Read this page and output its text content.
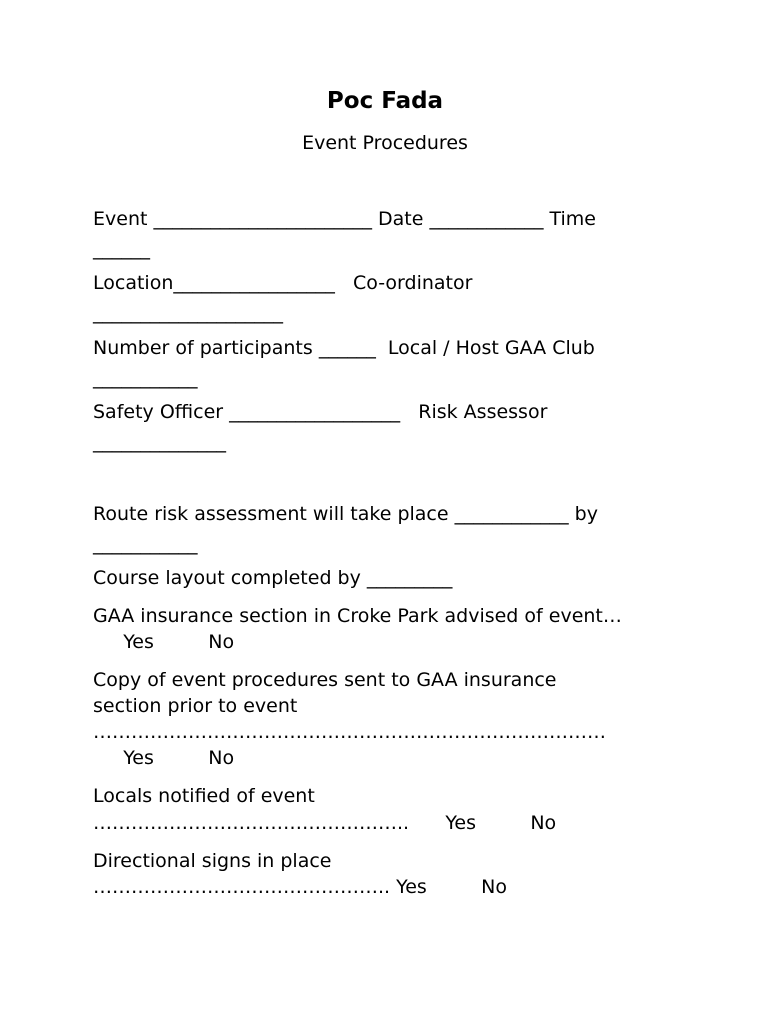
Poc Fada
Event Procedures
Event _______________________ Date ____________ Time
______
Location_________________   Co-ordinator
____________________
Number of participants ______  Local / Host GAA Club
___________
Safety Officer __________________   Risk Assessor
______________
Route risk assessment will take place ____________ by
___________
Course layout completed by _________
GAA insurance section in Croke Park advised of event…
Yes         No
Copy of event procedures sent to GAA insurance
section prior to event
………………………………………………………………………
Yes         No
Locals notified of event
…………………………………………..      Yes         No
Directional signs in place
……………………………………….. Yes         No
